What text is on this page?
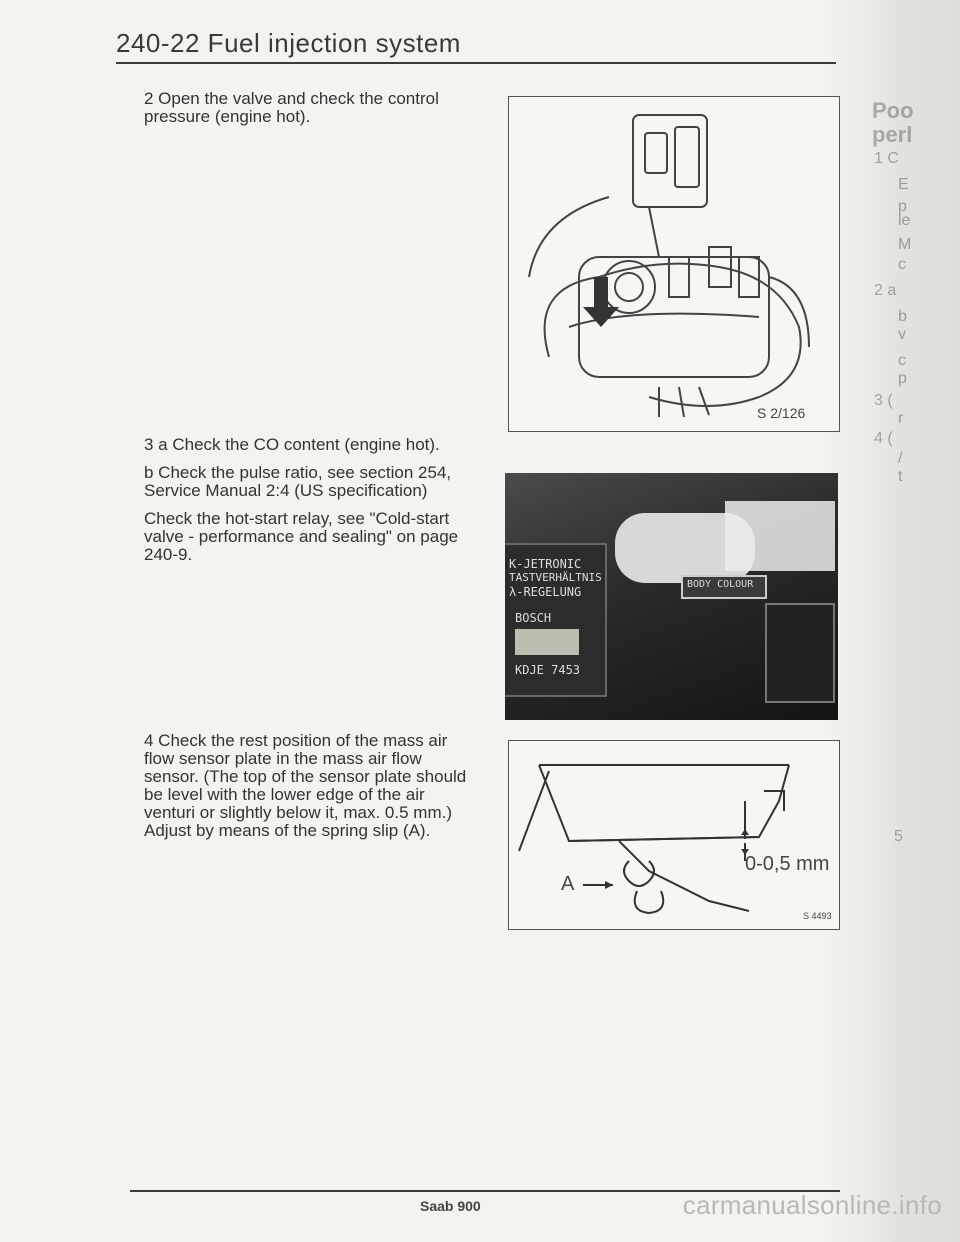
240-22 Fuel injection system

2 Open the valve and check the control pressure (engine hot).

3 a Check the CO content (engine hot).

b Check the pulse ratio, see section 254, Service Manual 2:4 (US specification)

Check the hot-start relay, see "Cold-start valve - performance and sealing" on page 240-9.

4 Check the rest position of the mass air flow sensor plate in the mass air flow sensor. (The top of the sensor plate should be level with the lower edge of the air venturi or slightly below it, max. 0.5 mm.) Adjust by means of the spring slip (A).

S 2/126
K-JETRONIC
TASTVERHÄLTNIS
λ-REGELUNG
BOSCH
KDJE 7453
BODY COLOUR
0-0,5 mm
A
S 4493
Saab 900	carmanualsonline.info
